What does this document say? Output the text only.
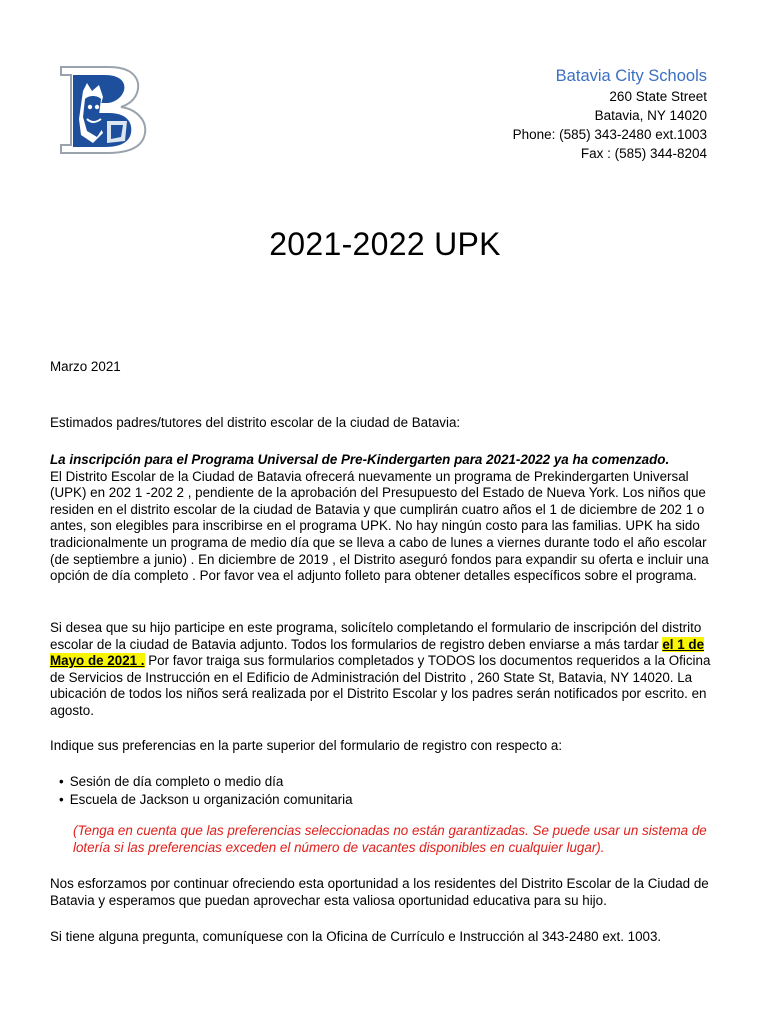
Batavia City Schools
260 State Street
Batavia, NY 14020
Phone: (585) 343-2480 ext.1003
Fax : (585) 344-8204
2021-2022 UPK

Marzo 2021

Estimados padres/tutores del distrito escolar de la ciudad de Batavia:

La inscripción para el Programa Universal de Pre-Kindergarten para 2021-2022 ya ha comenzado.
El Distrito Escolar de la Ciudad de Batavia ofrecerá nuevamente un programa de Prekindergarten Universal (UPK) en 202 1 -202 2 , pendiente de la aprobación del Presupuesto del Estado de Nueva York. Los niños que residen en el distrito escolar de la ciudad de Batavia y que cumplirán cuatro años el 1 de diciembre de 202 1 o antes, son elegibles para inscribirse en el programa UPK. No hay ningún costo para las familias. UPK ha sido tradicionalmente un programa de medio día que se lleva a cabo de lunes a viernes durante todo el año escolar (de septiembre a junio) . En diciembre de 2019 , el Distrito aseguró fondos para expandir su oferta e incluir una opción de día completo . Por favor vea el adjunto folleto para obtener detalles específicos sobre el programa.

Si desea que su hijo participe en este programa, solicítelo completando el formulario de inscripción del distrito escolar de la ciudad de Batavia adjunto. Todos los formularios de registro deben enviarse a más tardar el 1 de Mayo de 2021 . Por favor traiga sus formularios completados y TODOS los documentos requeridos a la Oficina de Servicios de Instrucción en el Edificio de Administración del Distrito , 260 State St, Batavia, NY 14020. La ubicación de todos los niños será realizada por el Distrito Escolar y los padres serán notificados por escrito. en agosto.

Indique sus preferencias en la parte superior del formulario de registro con respecto a:

• Sesión de día completo o medio día
• Escuela de Jackson u organización comunitaria
(Tenga en cuenta que las preferencias seleccionadas no están garantizadas. Se puede usar un sistema de lotería si las preferencias exceden el número de vacantes disponibles en cualquier lugar).

Nos esforzamos por continuar ofreciendo esta oportunidad a los residentes del Distrito Escolar de la Ciudad de Batavia y esperamos que puedan aprovechar esta valiosa oportunidad educativa para su hijo.

Si tiene alguna pregunta, comuníquese con la Oficina de Currículo e Instrucción al 343-2480 ext. 1003.
